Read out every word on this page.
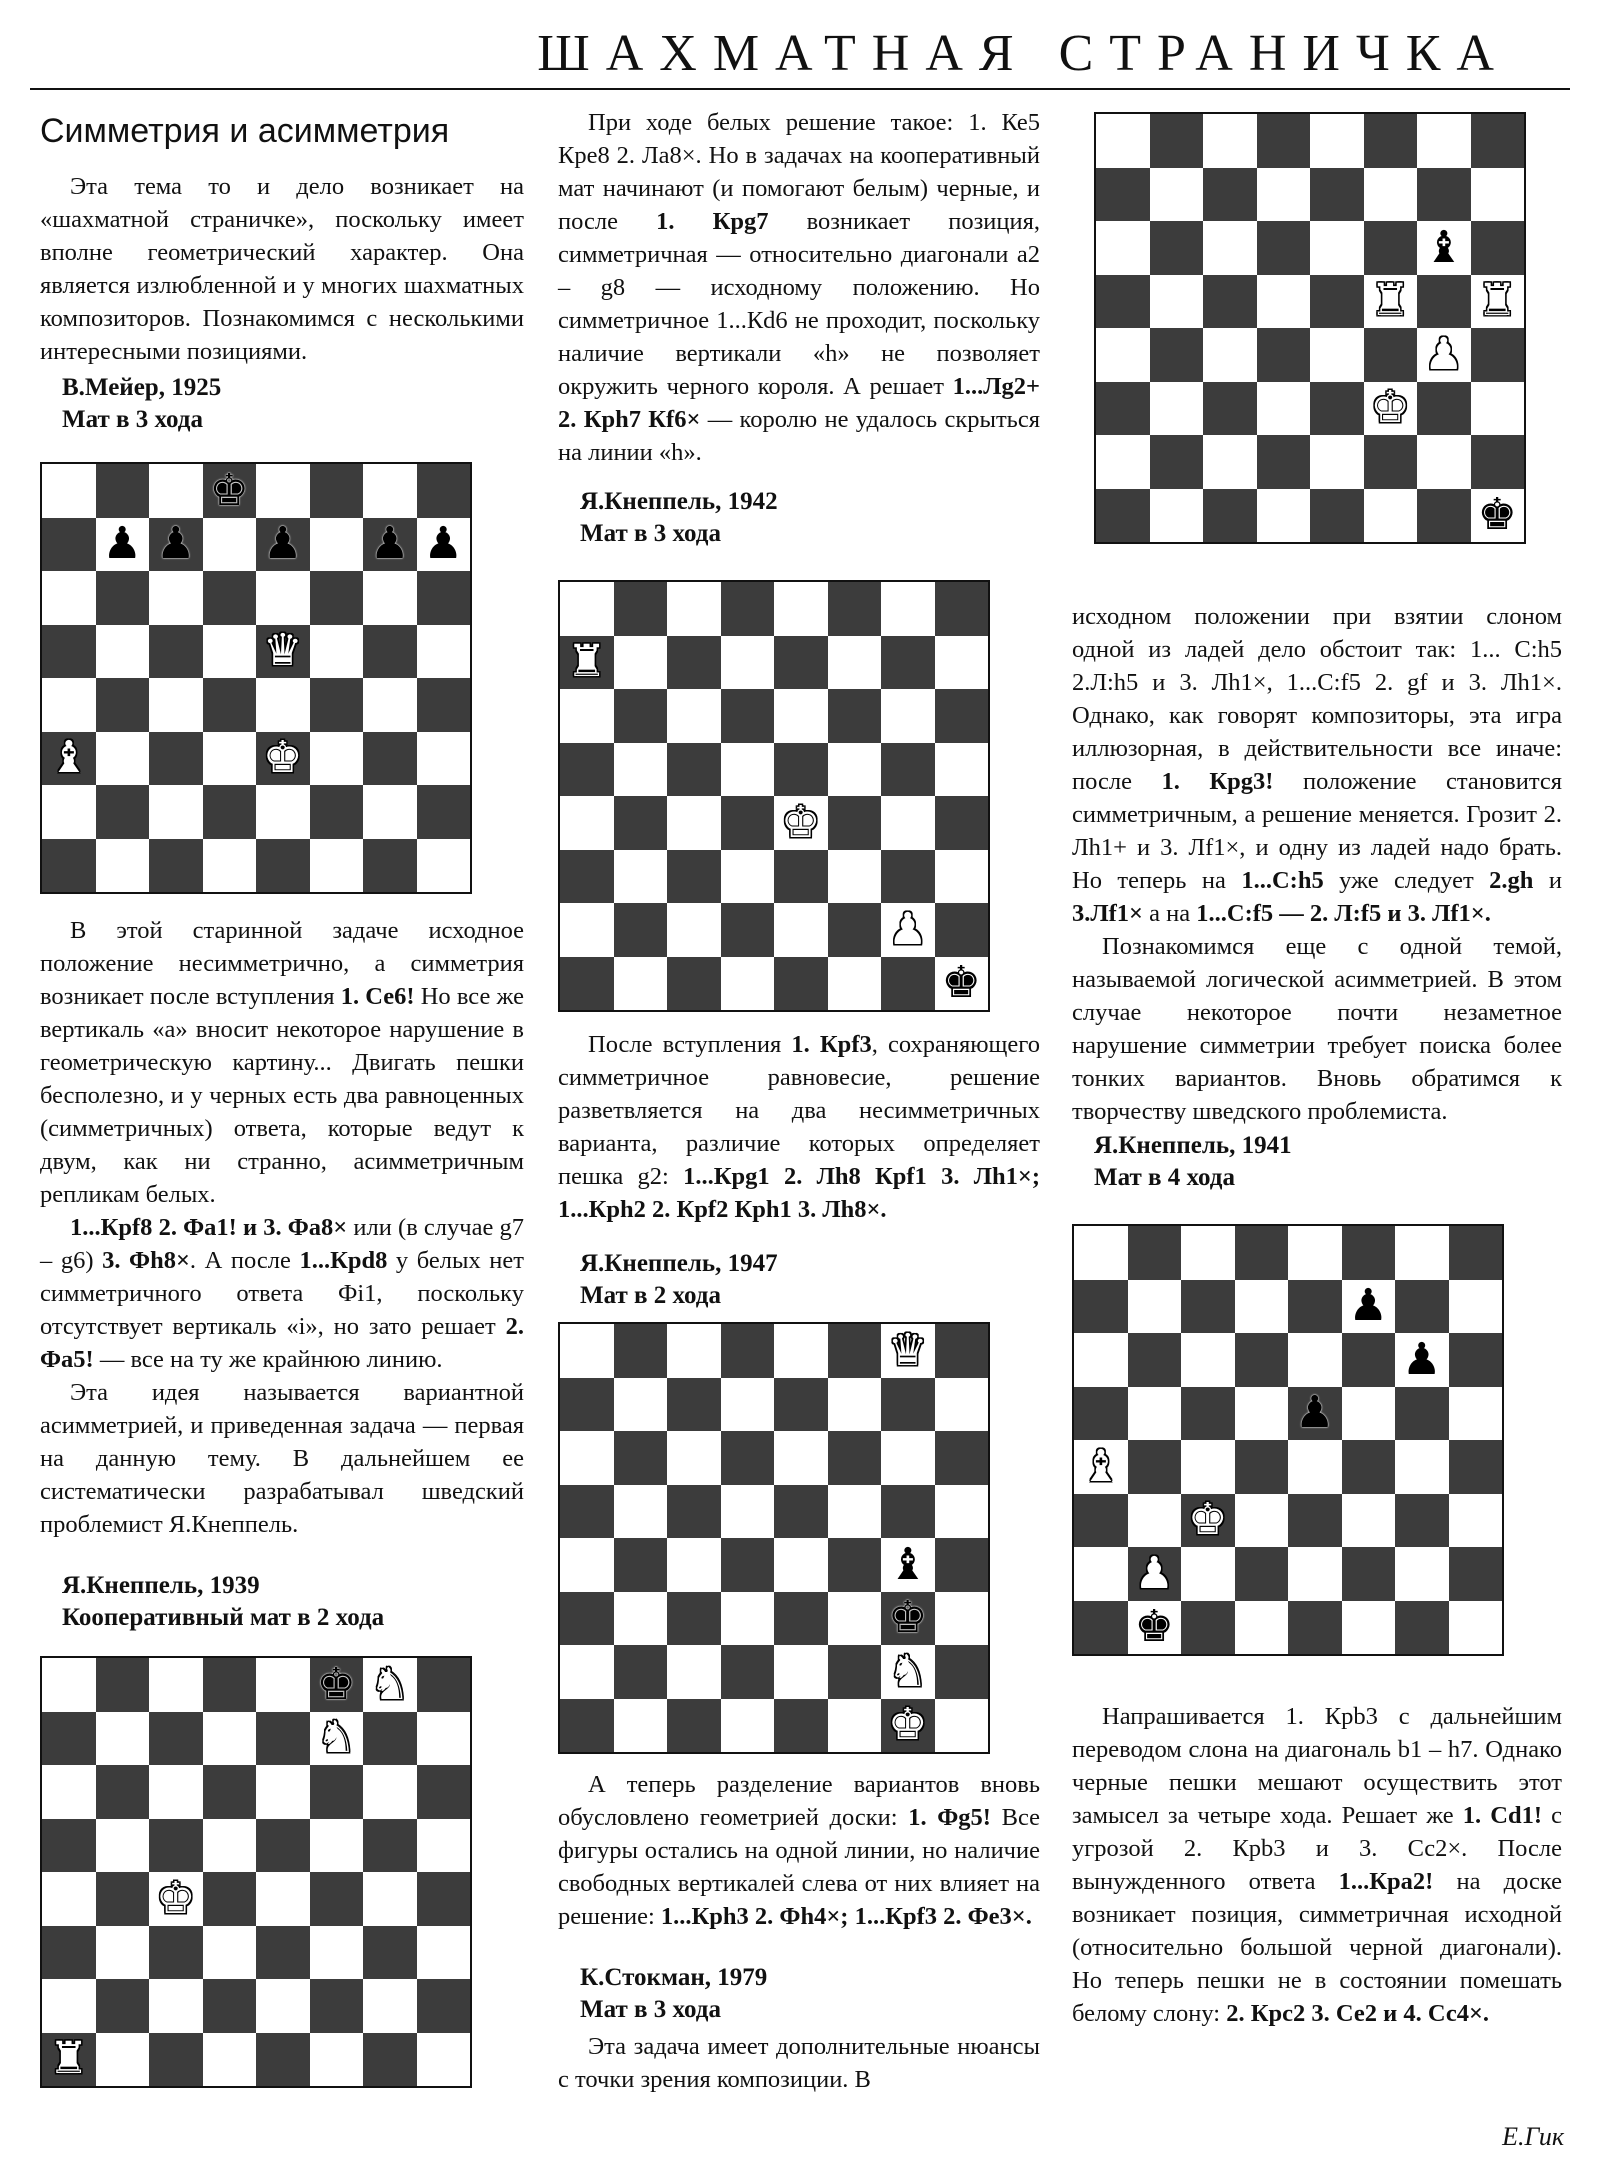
ШАХМАТНАЯ СТРАНИЧКА
Симметрия и асимметрия

Эта тема то и дело возникает на «шахматной страничке», поскольку имеет вполне геометрический характер. Она является излюбленной и у многих шахматных композиторов. Познакомимся с несколькими интересными позициями.

В.Мейер, 1925
Мат в 3 хода
♚
♟ ♟ ♟ ♟ ♟
♛
♝	♚

В этой старинной задаче исходное положение несимметрично, а симметрия возникает после вступления 1. Се6! Но все же вертикаль «а» вносит некоторое нарушение в геометрическую картину... Двигать пешки бесполезно, и у черных есть два равноценных (симметричных) ответа, которые ведут к двум, как ни странно, асимметричным репликам белых.

1...Крf8 2. Фа1! и 3. Фа8× или (в случае g7 – g6) 3. Фh8×. А после 1...Крd8 у белых нет симметричного ответа Фi1, поскольку отсутствует вертикаль «i», но зато решает 2. Фа5! — все на ту же крайнюю линию.

Эта идея называется вариантной асимметрией, и приведенная задача — первая на данную тему. В дальнейшем ее систематически разрабатывал шведский проблемист Я.Кнеппель.

Я.Кнеппель, 1939
Кооперативный мат в 2 хода
♚ ♞
♞
♚
♜

При ходе белых решение такое: 1. Ке5 Кре8 2. Ла8×. Но в задачах на кооперативный мат начинают (и помогают белым) черные, и после 1. Крg7 возникает позиция, симметричная — относительно диагонали а2 – g8 — исходному положению. Но симметричное 1...Кd6 не проходит, поскольку наличие вертикали «h» не позволяет окружить черного короля. А решает 1...Лg2+ 2. Крh7 Кf6× — королю не удалось скрыться на линии «h».

Я.Кнеппель, 1942
Мат в 3 хода
♜
♚
♟
♚

После вступления 1. Крf3, сохраняющего симметричное равновесие, решение разветвляется на два несимметричных варианта, различие которых определяет пешка g2: 1...Крg1 2. Лh8 Крf1 3. Лh1×; 1...Крh2 2. Крf2 Крh1 3. Лh8×.

Я.Кнеппель, 1947
Мат в 2 хода
♛
♝
♚
♞
♚

А теперь разделение вариантов вновь обусловлено геометрией доски: 1. Фg5! Все фигуры остались на одной линии, но наличие свободных вертикалей слева от них влияет на решение: 1...Крh3 2. Фh4×; 1...Крf3 2. Фе3×.

К.Стокман, 1979
Мат в 3 хода

Эта задача имеет дополнительные нюансы с точки зрения композиции. В

♝
♜ ♜
♟
♚
♚

исходном положении при взятии слоном одной из ладей дело обстоит так: 1... С:h5 2.Л:h5 и 3. Лh1×, 1...С:f5 2. gf и 3. Лh1×. Однако, как говорят композиторы, эта игра иллюзорная, в действительности все иначе: после 1. Крg3! положение становится симметричным, а решение меняется. Грозит 2. Лh1+ и 3. Лf1×, и одну из ладей надо брать. Но теперь на 1...С:h5 уже следует 2.gh и 3.Лf1× а на 1...С:f5 — 2. Л:f5 и 3. Лf1×.

Познакомимся еще с одной темой, называемой логической асимметрией. В этом случае некоторое почти незаметное нарушение симметрии требует поиска более тонких вариантов. Вновь обратимся к творчеству шведского проблемиста.

Я.Кнеппель, 1941
Мат в 4 хода
♟
♟
♟
♝
♚
♟
♚

Напрашивается 1. Крb3 с дальнейшим переводом слона на диагональ b1 – h7. Однако черные пешки мешают осуществить этот замысел за четыре хода. Решает же 1. Сd1! с угрозой 2. Крb3 и 3. Сс2×. После вынужденного ответа 1...Кра2! на доске возникает позиция, симметричная исходной (относительно большой черной диагонали). Но теперь пешки не в состоянии помешать белому слону: 2. Крс2 3. Се2 и 4. Сс4×.

Е.Гик
